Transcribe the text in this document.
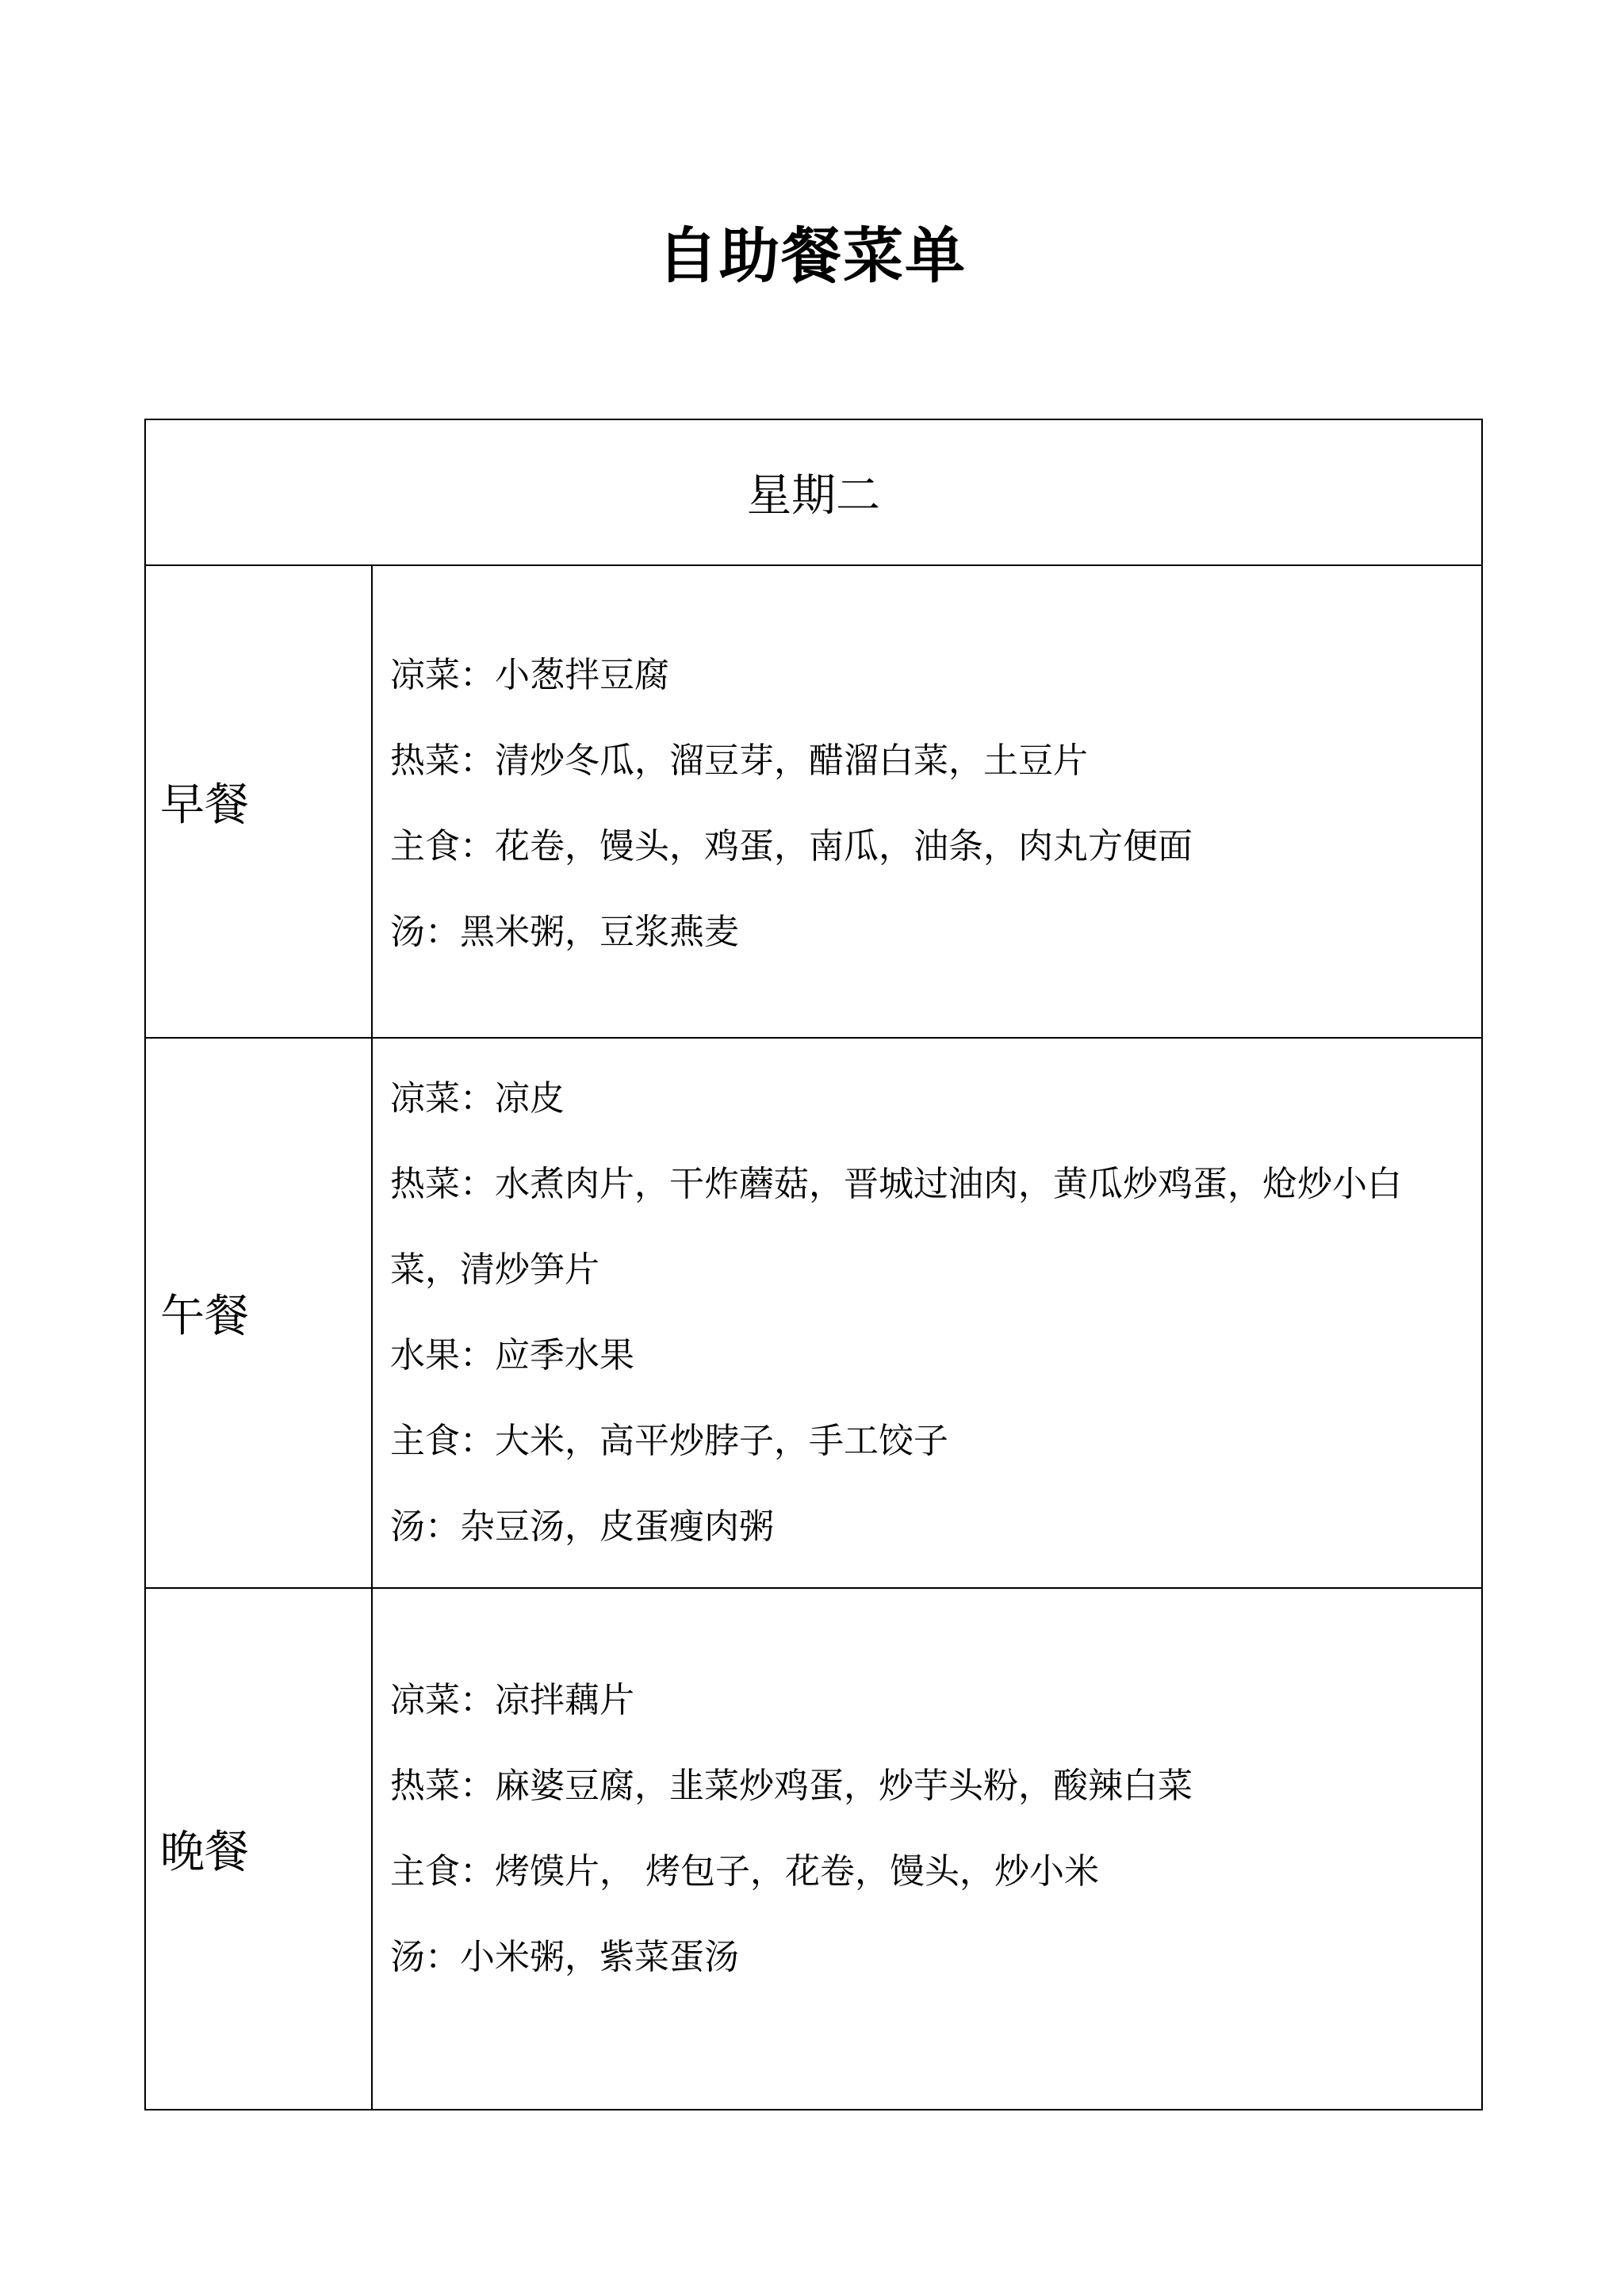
自助餐菜单
星期二
早餐
凉菜：小葱拌豆腐
热菜：清炒冬瓜，溜豆芽，醋溜白菜，土豆片
主食：花卷，馒头，鸡蛋，南瓜，油条，肉丸方便面
汤：黑米粥，豆浆燕麦
午餐
凉菜：凉皮
热菜：水煮肉片，干炸蘑菇，晋城过油肉，黄瓜炒鸡蛋，炝炒小白菜，清炒笋片
水果：应季水果
主食：大米，高平炒脖子，手工饺子
汤：杂豆汤，皮蛋瘦肉粥
晚餐
凉菜：凉拌藕片
热菜：麻婆豆腐，韭菜炒鸡蛋，炒芋头粉，酸辣白菜
主食：烤馍片， 烤包子，花卷，馒头，炒小米
汤：小米粥，紫菜蛋汤
